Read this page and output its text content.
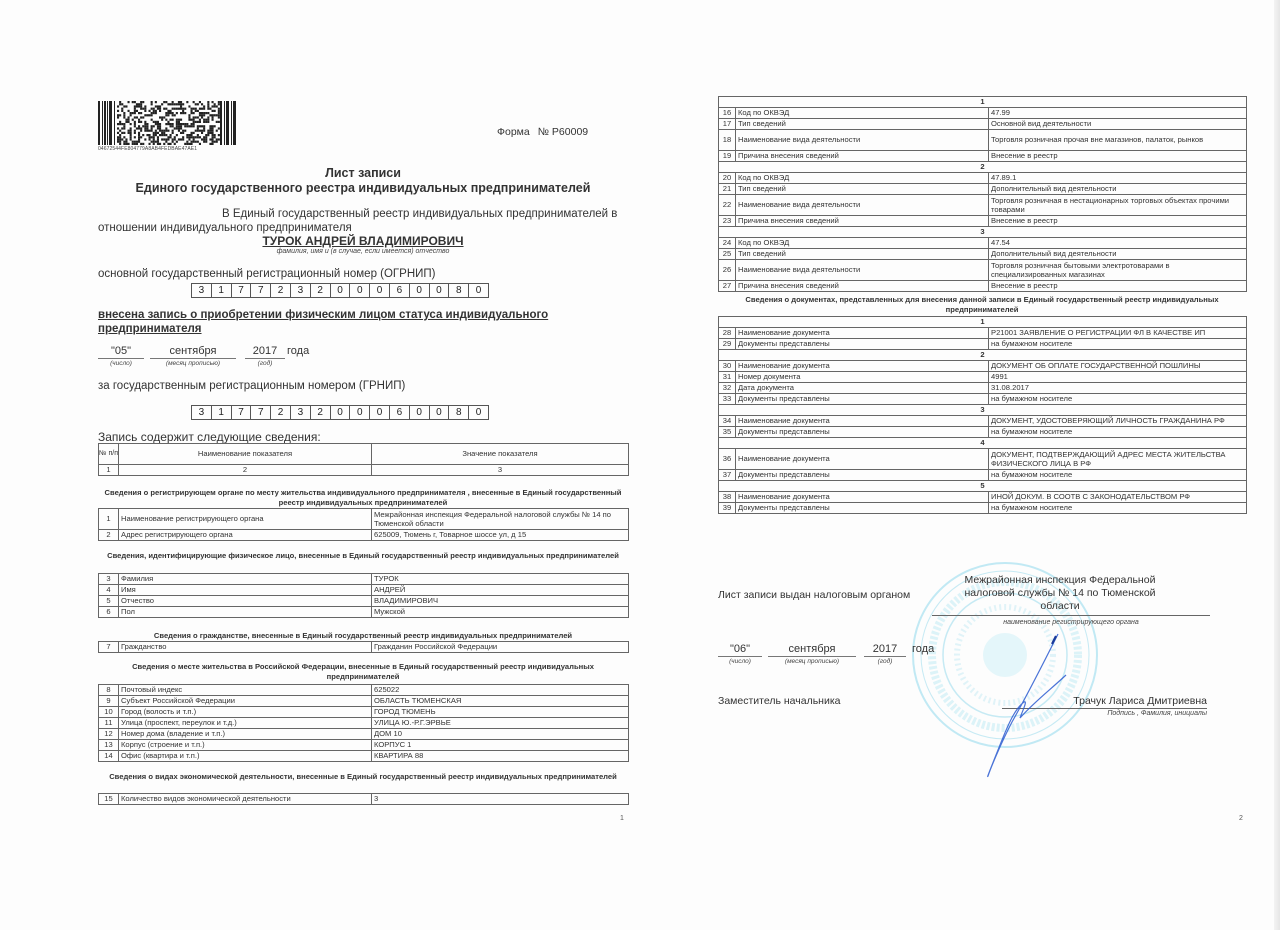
04672544FE804779A8AB4FEDBAE47AE1
Форма № Р60009
Лист записи
Единого государственного реестра индивидуальных предпринимателей
В Единый государственный реестр индивидуальных предпринимателей в отношении индивидуального предпринимателя
ТУРОК АНДРЕЙ ВЛАДИМИРОВИЧ
фамилия, имя и (в случае, если имеется) отчество
основной государственный регистрационный номер (ОГРНИП)
3	1	7	7	2	3	2	0	0	0	6	0	0	8	0
внесена запись о приобретении физическим лицом статуса индивидуального предпринимателя
"05"
(число)
сентября
(месяц прописью)
2017
(год)
года
за государственным регистрационным номером (ГРНИП)
3	1	7	7	2	3	2	0	0	0	6	0	0	8	0
Запись содержит следующие сведения:
№ п/п	Наименование показателя	Значение показателя
1	2	3
Сведения о регистрирующем органе по месту жительства индивидуального предпринимателя , внесенные в Единый государственный реестр индивидуальных предпринимателей
1	Наименование регистрирующего органа	Межрайонная инспекция Федеральной налоговой службы № 14 по Тюменской области
2	Адрес регистрирующего органа	625009, Тюмень г, Товарное шоссе ул, д 15
Сведения, идентифицирующие физическое лицо, внесенные в Единый государственный реестр индивидуальных предпринимателей
3	Фамилия	ТУРОК
4	Имя	АНДРЕЙ
5	Отчество	ВЛАДИМИРОВИЧ
6	Пол	Мужской
Сведения о гражданстве, внесенные в Единый государственный реестр индивидуальных предпринимателей
7	Гражданство	Гражданин Российской Федерации
Сведения о месте жительства в Российской Федерации, внесенные в Единый государственный реестр индивидуальных предпринимателей
8	Почтовый индекс	625022
9	Субъект Российской Федерации	ОБЛАСТЬ ТЮМЕНСКАЯ
10	Город (волость и т.п.)	ГОРОД ТЮМЕНЬ
11	Улица (проспект, переулок и т.д.)	УЛИЦА Ю.-Р.Г.ЭРВЬЕ
12	Номер дома (владение и т.п.)	ДОМ 10
13	Корпус (строение и т.п.)	КОРПУС 1
14	Офис (квартира и т.п.)	КВАРТИРА 88
Сведения о видах экономической деятельности, внесенные в Единый государственный реестр индивидуальных предпринимателей
15	Количество видов экономической деятельности	3
1
1		
16	Код по ОКВЭД	47.99
17	Тип сведений	Основной вид деятельности
18	Наименование вида деятельности	Торговля розничная прочая вне магазинов, палаток, рынков
19	Причина внесения сведений	Внесение в реестр
2		
20	Код по ОКВЭД	47.89.1
21	Тип сведений	Дополнительный вид деятельности
22	Наименование вида деятельности	Торговля розничная в нестационарных торговых объектах прочими товарами
23	Причина внесения сведений	Внесение в реестр
3		
24	Код по ОКВЭД	47.54
25	Тип сведений	Дополнительный вид деятельности
26	Наименование вида деятельности	Торговля розничная бытовыми электротоварами в специализированных магазинах
27	Причина внесения сведений	Внесение в реестр
Сведения о документах, представленных для внесения данной записи в Единый государственный реестр индивидуальных предпринимателей
1		
28	Наименование документа	Р21001 ЗАЯВЛЕНИЕ О РЕГИСТРАЦИИ ФЛ В КАЧЕСТВЕ ИП
29	Документы представлены	на бумажном носителе
2		
30	Наименование документа	ДОКУМЕНТ ОБ ОПЛАТЕ ГОСУДАРСТВЕННОЙ ПОШЛИНЫ
31	Номер документа	4991
32	Дата документа	31.08.2017
33	Документы представлены	на бумажном носителе
3		
34	Наименование документа	ДОКУМЕНТ, УДОСТОВЕРЯЮЩИЙ ЛИЧНОСТЬ ГРАЖДАНИНА РФ
35	Документы представлены	на бумажном носителе
4		
36	Наименование документа	ДОКУМЕНТ, ПОДТВЕРЖДАЮЩИЙ АДРЕС МЕСТА ЖИТЕЛЬСТВА ФИЗИЧЕСКОГО ЛИЦА В РФ
37	Документы представлены	на бумажном носителе
5		
38	Наименование документа	ИНОЙ ДОКУМ. В СООТВ С ЗАКОНОДАТЕЛЬСТВОМ РФ
39	Документы представлены	на бумажном носителе
Лист записи выдан налоговым органом
Межрайонная инспекция Федеральной налоговой службы № 14 по Тюменской области
наименование регистрирующего органа
"06"
(число)
сентября
(месяц прописью)
2017
(год)
года
Заместитель начальника	Трачук Лариса Дмитриевна
Подпись , Фамилия, инициалы
2
